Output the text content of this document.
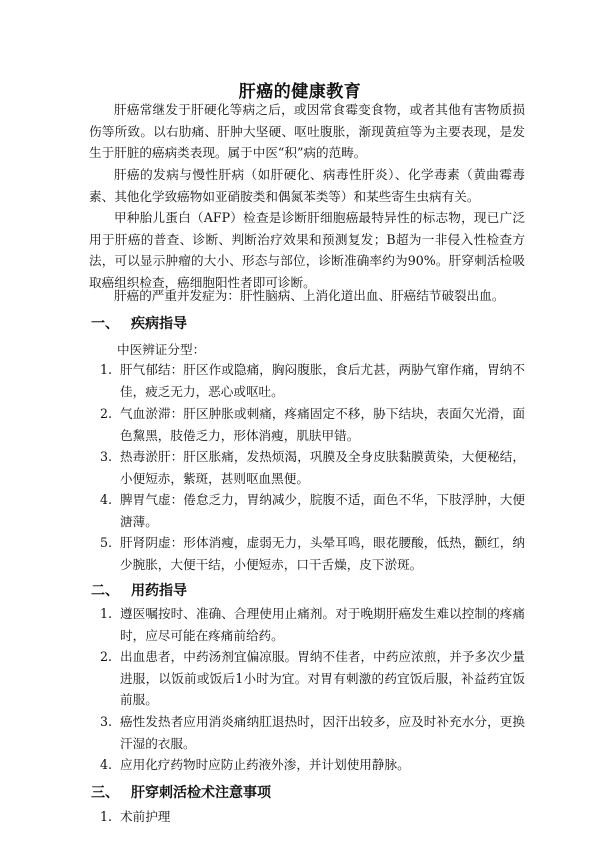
肝癌的健康教育

肝癌常继发于肝硬化等病之后，或因常食霉变食物，或者其他有害物质损伤等所致。以右肋痛、肝肿大坚硬、呕吐腹胀，渐现黄疸等为主要表现，是发生于肝脏的癌病类表现。属于中医“积”病的范畴。

肝癌的发病与慢性肝病（如肝硬化、病毒性肝炎）、化学毒素（黄曲霉毒素、其他化学致癌物如亚硝胺类和偶氮苯类等）和某些寄生虫病有关。

甲种胎儿蛋白（AFP）检查是诊断肝细胞癌最特异性的标志物，现已广泛用于肝癌的普查、诊断、判断治疗效果和预测复发；B超为一非侵入性检查方法，可以显示肿瘤的大小、形态与部位，诊断准确率约为90%。肝穿刺活检吸取癌组织检查，癌细胞阳性者即可诊断。

肝癌的严重并发症为：肝性脑病、上消化道出血、肝癌结节破裂出血。

一、 疾病指导
中医辨证分型：
1. 肝气郁结：肝区作或隐痛，胸闷腹胀，食后尤甚，两胁气窜作痛，胃纳不佳，疲乏无力，恶心或呕吐。
2. 气血淤滞：肝区肿胀或刺痛，疼痛固定不移，胁下结块，表面欠光滑，面色黧黑，肢倦乏力，形体消瘦，肌肤甲错。
3. 热毒淤肝：肝区胀痛，发热烦渴，巩膜及全身皮肤黏膜黄染，大便秘结，小便短赤，紫斑，甚则呕血黑便。
4. 脾胃气虚：倦怠乏力，胃纳减少，脘腹不适，面色不华，下肢浮肿，大便溏薄。
5. 肝肾阴虚：形体消瘦，虚弱无力，头晕耳鸣，眼花腰酸，低热，颧红，纳少腕胀，大便干结，小便短赤，口干舌燥，皮下淤斑。
二、 用药指导
1. 遵医嘱按时、准确、合理使用止痛剂。对于晚期肝癌发生难以控制的疼痛时，应尽可能在疼痛前给药。
2. 出血患者，中药汤剂宜偏凉服。胃纳不佳者，中药应浓煎，并予多次少量进服，以饭前或饭后1小时为宜。对胃有刺激的药宜饭后服，补益药宜饭前服。
3. 癌性发热者应用消炎痛纳肛退热时，因汗出较多，应及时补充水分，更换汗湿的衣服。
4. 应用化疗药物时应防止药液外渗，并计划使用静脉。
三、 肝穿刺活检术注意事项
1. 术前护理
